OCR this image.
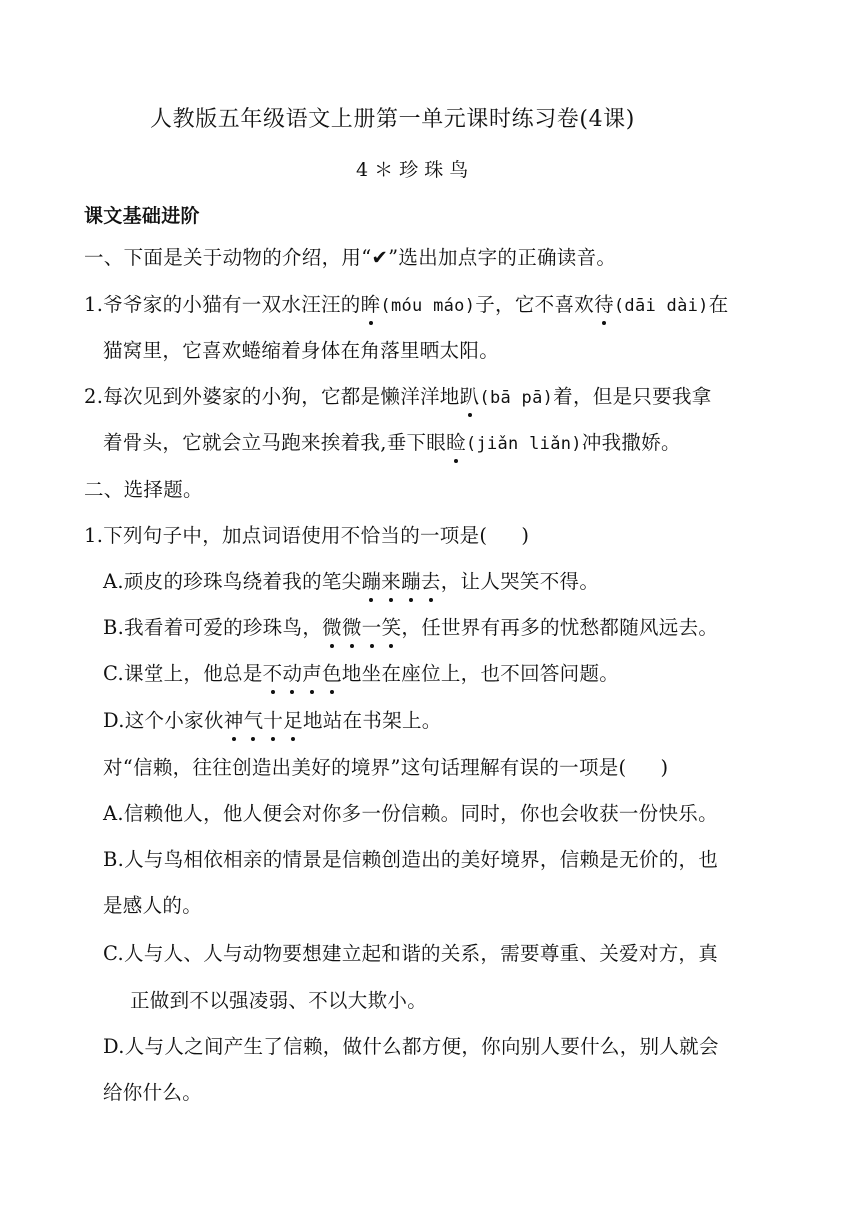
人教版五年级语文上册第一单元课时练习卷(4课)
4 ＊ 珍 珠 鸟
课文基础进阶
一、下面是关于动物的介绍，用“✔”选出加点字的正确读音。
1.爷爷家的小猫有一双水汪汪的眸(móu máo)子，它不喜欢待(dāi dài)在
猫窝里，它喜欢蜷缩着身体在角落里晒太阳。
2.每次见到外婆家的小狗，它都是懒洋洋地趴(bā pā)着，但是只要我拿
着骨头，它就会立马跑来挨着我,垂下眼睑(jiǎn liǎn)冲我撒娇。
二、选择题。
1.下列句子中，加点词语使用不恰当的一项是( )
A.顽皮的珍珠鸟绕着我的笔尖蹦来蹦去，让人哭笑不得。
B.我看着可爱的珍珠鸟，微微一笑，任世界有再多的忧愁都随风远去。
C.课堂上，他总是不动声色地坐在座位上，也不回答问题。
D.这个小家伙神气十足地站在书架上。
对“信赖，往往创造出美好的境界”这句话理解有误的一项是( )
A.信赖他人，他人便会对你多一份信赖。同时，你也会收获一份快乐。
B.人与鸟相依相亲的情景是信赖创造出的美好境界，信赖是无价的，也
是感人的。
C.人与人、人与动物要想建立起和谐的关系，需要尊重、关爱对方，真
正做到不以强凌弱、不以大欺小。
D.人与人之间产生了信赖，做什么都方便，你向别人要什么，别人就会
给你什么。
